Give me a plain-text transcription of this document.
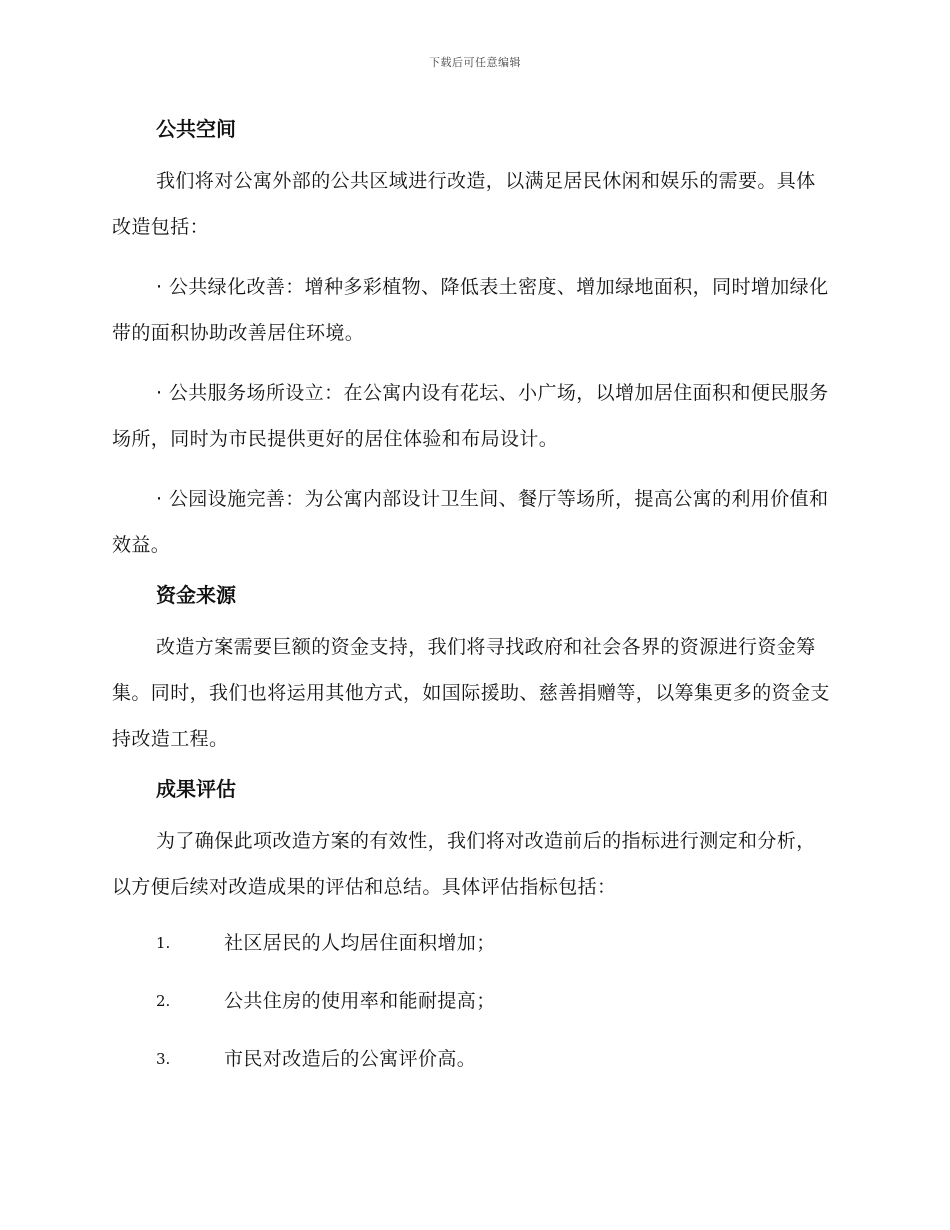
下载后可任意编辑
公共空间

我们将对公寓外部的公共区域进行改造，以满足居民休闲和娱乐的需要。具体改造包括：

· 公共绿化改善：增种多彩植物、降低表土密度、增加绿地面积，同时增加绿化带的面积协助改善居住环境。

· 公共服务场所设立：在公寓内设有花坛、小广场，以增加居住面积和便民服务场所，同时为市民提供更好的居住体验和布局设计。

· 公园设施完善：为公寓内部设计卫生间、餐厅等场所，提高公寓的利用价值和效益。

资金来源

改造方案需要巨额的资金支持，我们将寻找政府和社会各界的资源进行资金筹集。同时，我们也将运用其他方式，如国际援助、慈善捐赠等，以筹集更多的资金支持改造工程。

成果评估

为了确保此项改造方案的有效性，我们将对改造前后的指标进行测定和分析，以方便后续对改造成果的评估和总结。具体评估指标包括：

1.	社区居民的人均居住面积增加；
2.	公共住房的使用率和能耐提高；
3.	市民对改造后的公寓评价高。
